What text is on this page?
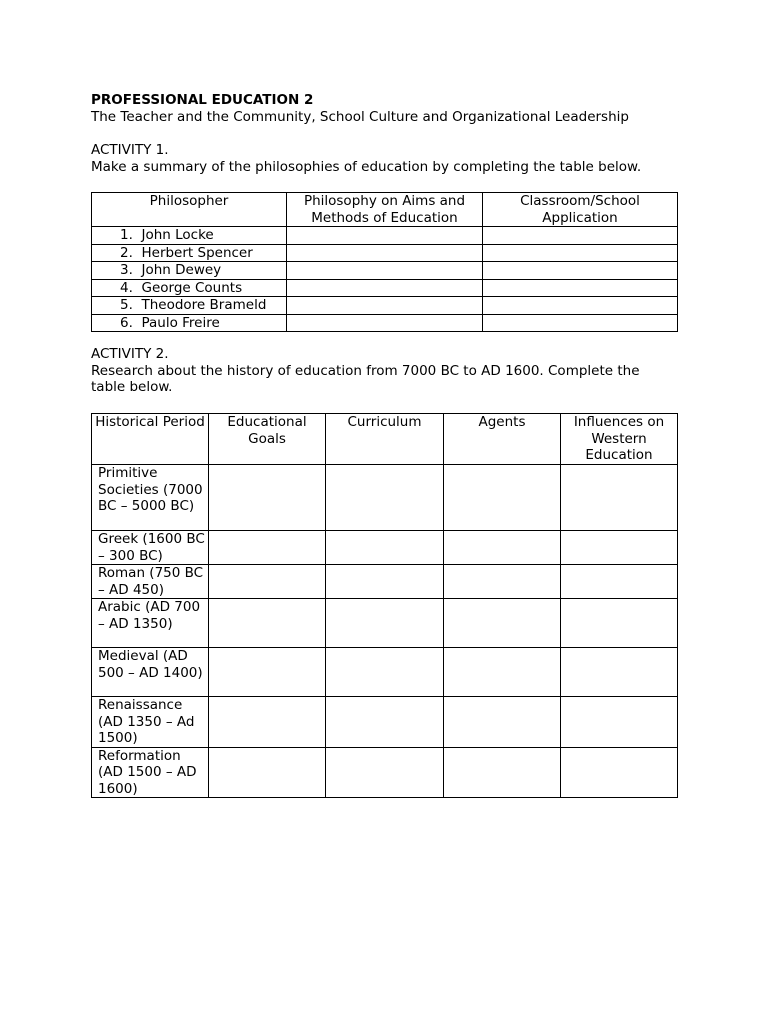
PROFESSIONAL EDUCATION 2
The Teacher and the Community, School Culture and Organizational Leadership
ACTIVITY 1.
Make a summary of the philosophies of education by completing the table below.
Philosopher	Philosophy on Aims and Methods of Education	Classroom/School Application
1. John Locke		
2. Herbert Spencer		
3. John Dewey		
4. George Counts		
5. Theodore Brameld		
6. Paulo Freire		
ACTIVITY 2.
Research about the history of education from 7000 BC to AD 1600. Complete the
table below.
Historical Period	Educational Goals	Curriculum	Agents	Influences on Western Education
Primitive Societies (7000 BC – 5000 BC)				
Greek (1600 BC – 300 BC)				
Roman (750 BC – AD 450)				
Arabic (AD 700 – AD 1350)				
Medieval (AD 500 – AD 1400)				
Renaissance (AD 1350 – Ad 1500)				
Reformation (AD 1500 – AD 1600)				
